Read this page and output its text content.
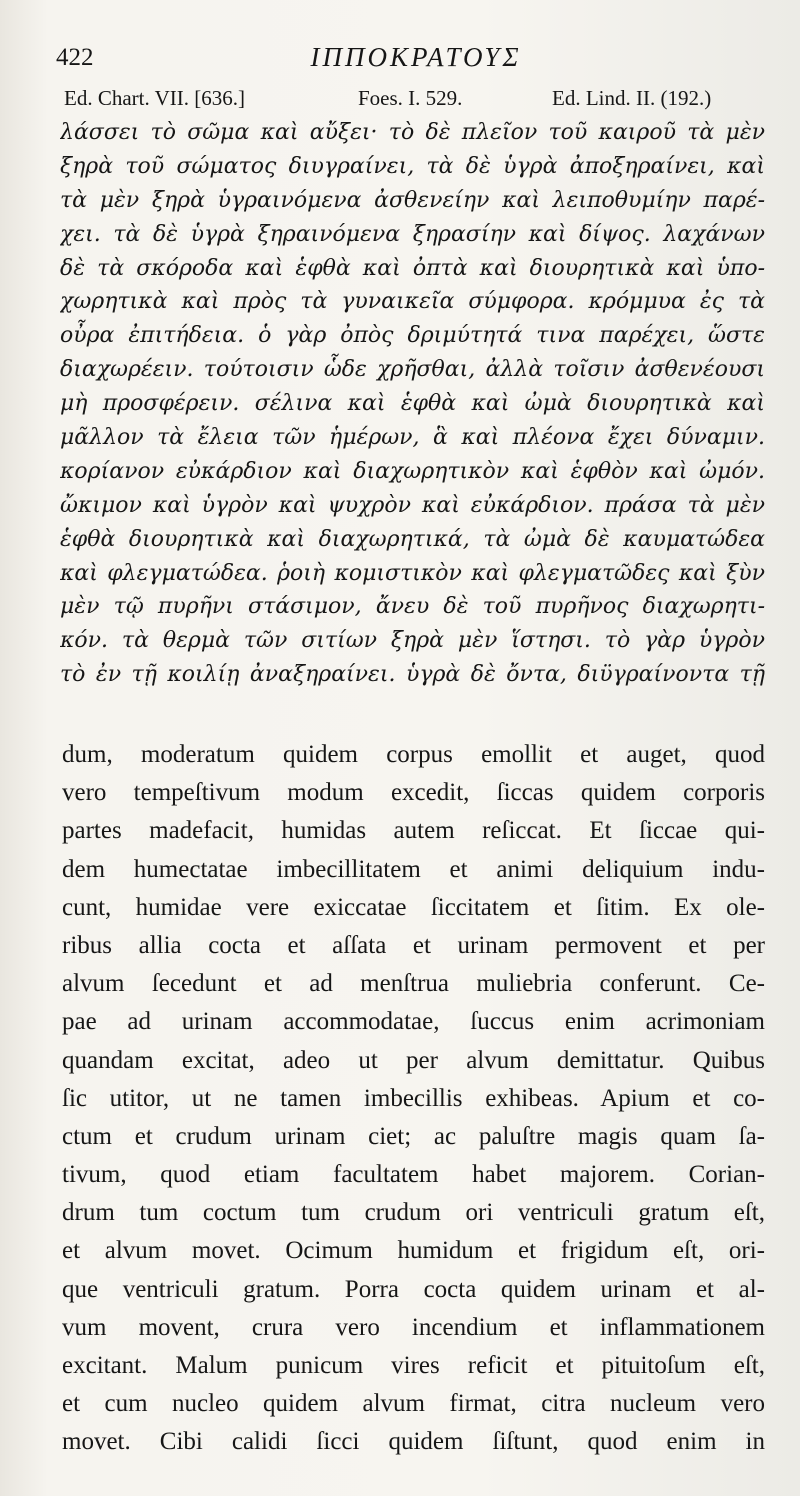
422	ΙΠΠΟΚΡΑΤΟΥΣ
Ed. Chart. VII. [636.]	Foes. I. 529.	Ed. Lind. II. (192.)
λάσσει τὸ σῶμα καὶ αὔξει· τὸ δὲ πλεῖον τοῦ καιροῦ τὰ μὲν
ξηρὰ τοῦ σώματος διυγραίνει, τὰ δὲ ὑγρὰ ἀποξηραίνει, καὶ
τὰ μὲν ξηρὰ ὑγραινόμενα ἀσθενείην καὶ λειποθυμίην παρέ-
χει. τὰ δὲ ὑγρὰ ξηραινόμενα ξηρασίην καὶ δίψος. λαχάνων
δὲ τὰ σκόροδα καὶ ἑφθὰ καὶ ὀπτὰ καὶ διουρητικὰ καὶ ὑπο-
χωρητικὰ καὶ πρὸς τὰ γυναικεῖα σύμφορα. κρόμμυα ἐς τὰ
οὖρα ἐπιτήδεια. ὁ γὰρ ὀπὸς δριμύτητά τινα παρέχει, ὥστε
διαχωρέειν. τούτοισιν ὧδε χρῆσθαι, ἀλλὰ τοῖσιν ἀσθενέουσι
μὴ προσφέρειν. σέλινα καὶ ἑφθὰ καὶ ὠμὰ διουρητικὰ καὶ
μᾶλλον τὰ ἔλεια τῶν ἡμέρων, ἃ καὶ πλέονα ἔχει δύναμιν.
κορίανον εὐκάρδιον καὶ διαχωρητικὸν καὶ ἑφθὸν καὶ ὠμόν.
ὤκιμον καὶ ὑγρὸν καὶ ψυχρὸν καὶ εὐκάρδιον. πράσα τὰ μὲν
ἑφθὰ διουρητικὰ καὶ διαχωρητικά, τὰ ὠμὰ δὲ καυματώδεα
καὶ φλεγματώδεα. ῥοιὴ κομιστικὸν καὶ φλεγματῶδες καὶ ξὺν
μὲν τῷ πυρῆνι στάσιμον, ἄνευ δὲ τοῦ πυρῆνος διαχωρητι-
κόν. τὰ θερμὰ τῶν σιτίων ξηρὰ μὲν ἵστησι. τὸ γὰρ ὑγρὸν
τὸ ἐν τῇ κοιλίῃ ἀναξηραίνει. ὑγρὰ δὲ ὄντα, διϋγραίνοντα τῇ
dum, moderatum quidem corpus emollit et auget, quod
vero tempeſtivum modum excedit, ſiccas quidem corporis
partes madefacit, humidas autem reſiccat. Et ſiccae qui-
dem humectatae imbecillitatem et animi deliquium indu-
cunt, humidae vere exiccatae ſiccitatem et ſitim. Ex ole-
ribus allia cocta et aſſata et urinam permovent et per
alvum ſecedunt et ad menſtrua muliebria conferunt. Ce-
pae ad urinam accommodatae, ſuccus enim acrimoniam
quandam excitat, adeo ut per alvum demittatur. Quibus
ſic utitor, ut ne tamen imbecillis exhibeas. Apium et co-
ctum et crudum urinam ciet; ac paluſtre magis quam ſa-
tivum, quod etiam facultatem habet majorem. Corian-
drum tum coctum tum crudum ori ventriculi gratum eſt,
et alvum movet. Ocimum humidum et frigidum eſt, ori-
que ventriculi gratum. Porra cocta quidem urinam et al-
vum movent, crura vero incendium et inflammationem
excitant. Malum punicum vires reficit et pituitoſum eſt,
et cum nucleo quidem alvum firmat, citra nucleum vero
movet. Cibi calidi ſicci quidem ſiſtunt, quod enim in
